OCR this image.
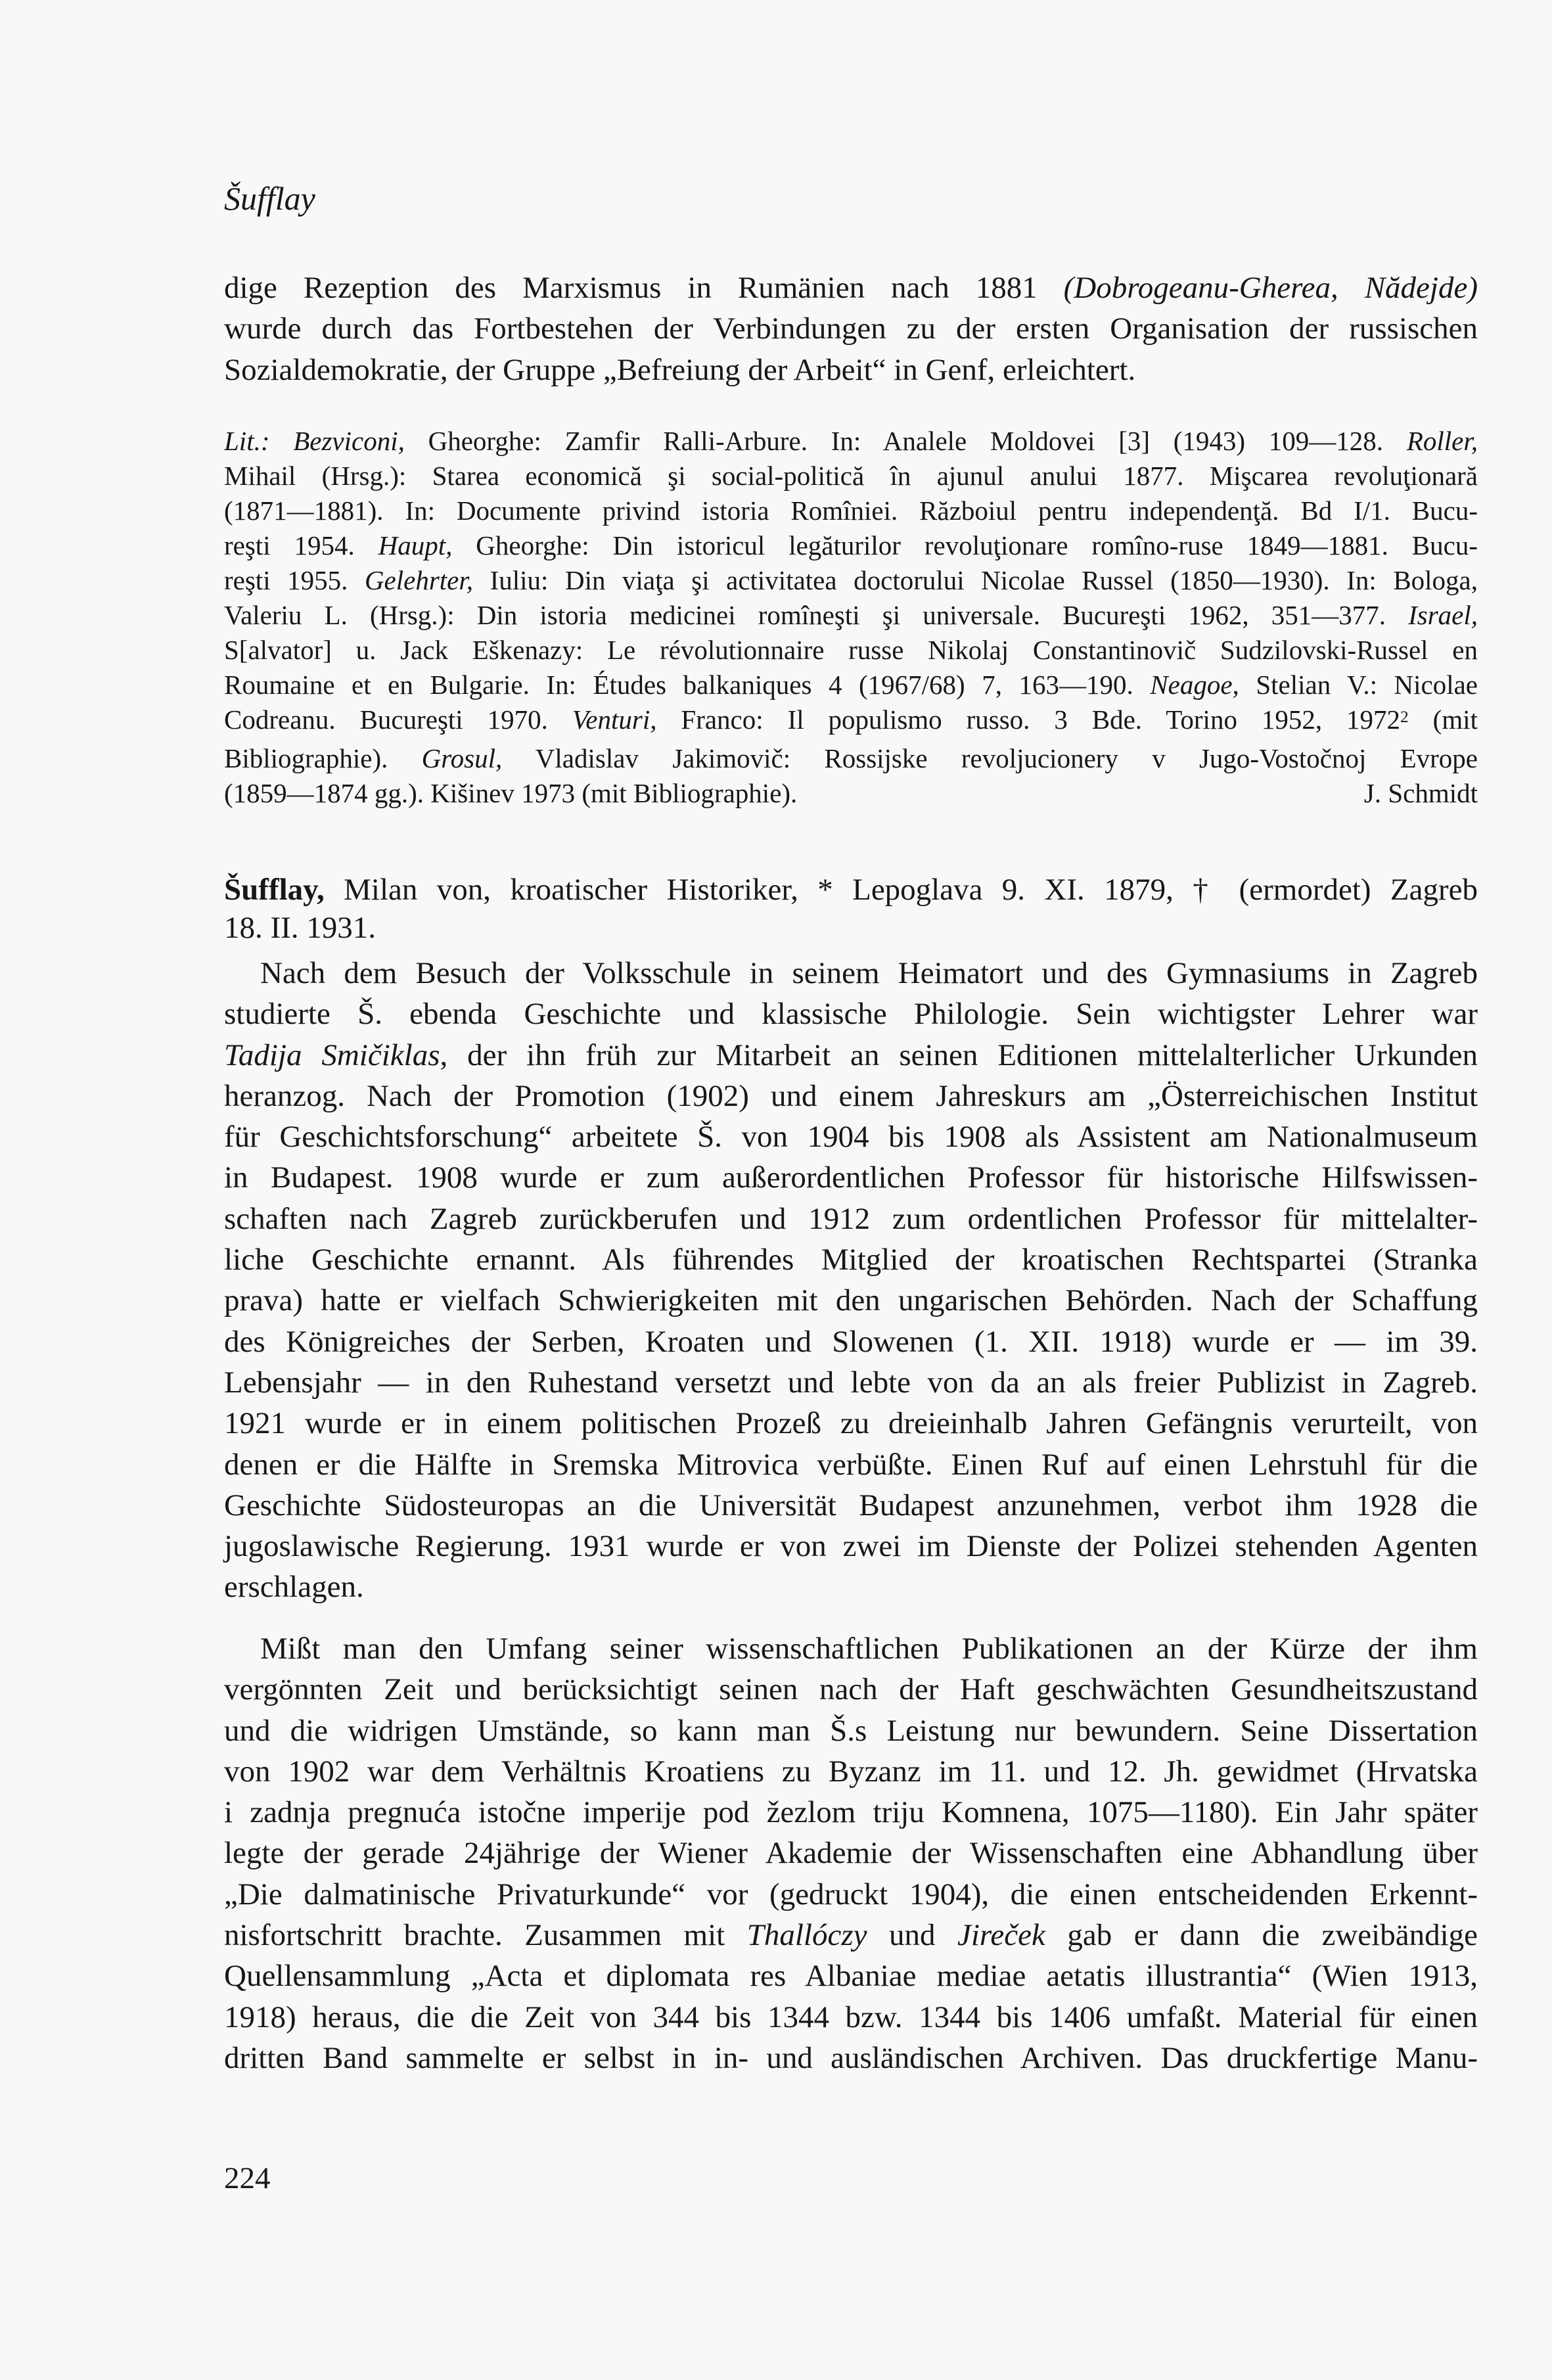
Šufflay
dige Rezeption des Marxismus in Rumänien nach 1881 (Dobrogeanu-Gherea, Nădejde)
wurde durch das Fortbestehen der Verbindungen zu der ersten Organisation der russischen
Sozialdemokratie, der Gruppe „Befreiung der Arbeit“ in Genf, erleichtert.
Lit.: Bezviconi, Gheorghe: Zamfir Ralli-Arbure. In: Analele Moldovei [3] (1943) 109—128. Roller,
Mihail (Hrsg.): Starea economică şi social-politică în ajunul anului 1877. Mişcarea revoluţionară
(1871—1881). In: Documente privind istoria Romîniei. Războiul pentru independenţă. Bd I/1. Bucu-
reşti 1954. Haupt, Gheorghe: Din istoricul legăturilor revoluţionare romîno-ruse 1849—1881. Bucu-
reşti 1955. Gelehrter, Iuliu: Din viaţa şi activitatea doctorului Nicolae Russel (1850—1930). In: Bologa,
Valeriu L. (Hrsg.): Din istoria medicinei romîneşti şi universale. Bucureşti 1962, 351—377. Israel,
S[alvator] u. Jack Eškenazy: Le révolutionnaire russe Nikolaj Constantinovič Sudzilovski-Russel en
Roumaine et en Bulgarie. In: Études balkaniques 4 (1967/68) 7, 163—190. Neagoe, Stelian V.: Nicolae
Codreanu. Bucureşti 1970. Venturi, Franco: Il populismo russo. 3 Bde. Torino 1952, 1972$^2$ (mit
Bibliographie). Grosul, Vladislav Jakimovič: Rossijske revoljucionery v Jugo-Vostočnoj Evrope
(1859—1874 gg.). Kišinev 1973 (mit Bibliographie).	J. Schmidt
Šufflay, Milan von, kroatischer Historiker, * Lepoglava 9. XI. 1879, † (ermordet) Zagreb
18. II. 1931.
Nach dem Besuch der Volksschule in seinem Heimatort und des Gymnasiums in Zagreb
studierte Š. ebenda Geschichte und klassische Philologie. Sein wichtigster Lehrer war
Tadija Smičiklas, der ihn früh zur Mitarbeit an seinen Editionen mittelalterlicher Urkunden
heranzog. Nach der Promotion (1902) und einem Jahreskurs am „Österreichischen Institut
für Geschichtsforschung“ arbeitete Š. von 1904 bis 1908 als Assistent am Nationalmuseum
in Budapest. 1908 wurde er zum außerordentlichen Professor für historische Hilfswissen-
schaften nach Zagreb zurückberufen und 1912 zum ordentlichen Professor für mittelalter-
liche Geschichte ernannt. Als führendes Mitglied der kroatischen Rechtspartei (Stranka
prava) hatte er vielfach Schwierigkeiten mit den ungarischen Behörden. Nach der Schaffung
des Königreiches der Serben, Kroaten und Slowenen (1. XII. 1918) wurde er — im 39.
Lebensjahr — in den Ruhestand versetzt und lebte von da an als freier Publizist in Zagreb.
1921 wurde er in einem politischen Prozeß zu dreieinhalb Jahren Gefängnis verurteilt, von
denen er die Hälfte in Sremska Mitrovica verbüßte. Einen Ruf auf einen Lehrstuhl für die
Geschichte Südosteuropas an die Universität Budapest anzunehmen, verbot ihm 1928 die
jugoslawische Regierung. 1931 wurde er von zwei im Dienste der Polizei stehenden Agenten
erschlagen.
Mißt man den Umfang seiner wissenschaftlichen Publikationen an der Kürze der ihm
vergönnten Zeit und berücksichtigt seinen nach der Haft geschwächten Gesundheitszustand
und die widrigen Umstände, so kann man Š.s Leistung nur bewundern. Seine Dissertation
von 1902 war dem Verhältnis Kroatiens zu Byzanz im 11. und 12. Jh. gewidmet (Hrvatska
i zadnja pregnuća istočne imperije pod žezlom triju Komnena, 1075—1180). Ein Jahr später
legte der gerade 24jährige der Wiener Akademie der Wissenschaften eine Abhandlung über
„Die dalmatinische Privaturkunde“ vor (gedruckt 1904), die einen entscheidenden Erkennt-
nisfortschritt brachte. Zusammen mit Thallóczy und Jireček gab er dann die zweibändige
Quellensammlung „Acta et diplomata res Albaniae mediae aetatis illustrantia“ (Wien 1913,
1918) heraus, die die Zeit von 344 bis 1344 bzw. 1344 bis 1406 umfaßt. Material für einen
dritten Band sammelte er selbst in in- und ausländischen Archiven. Das druckfertige Manu-
224
